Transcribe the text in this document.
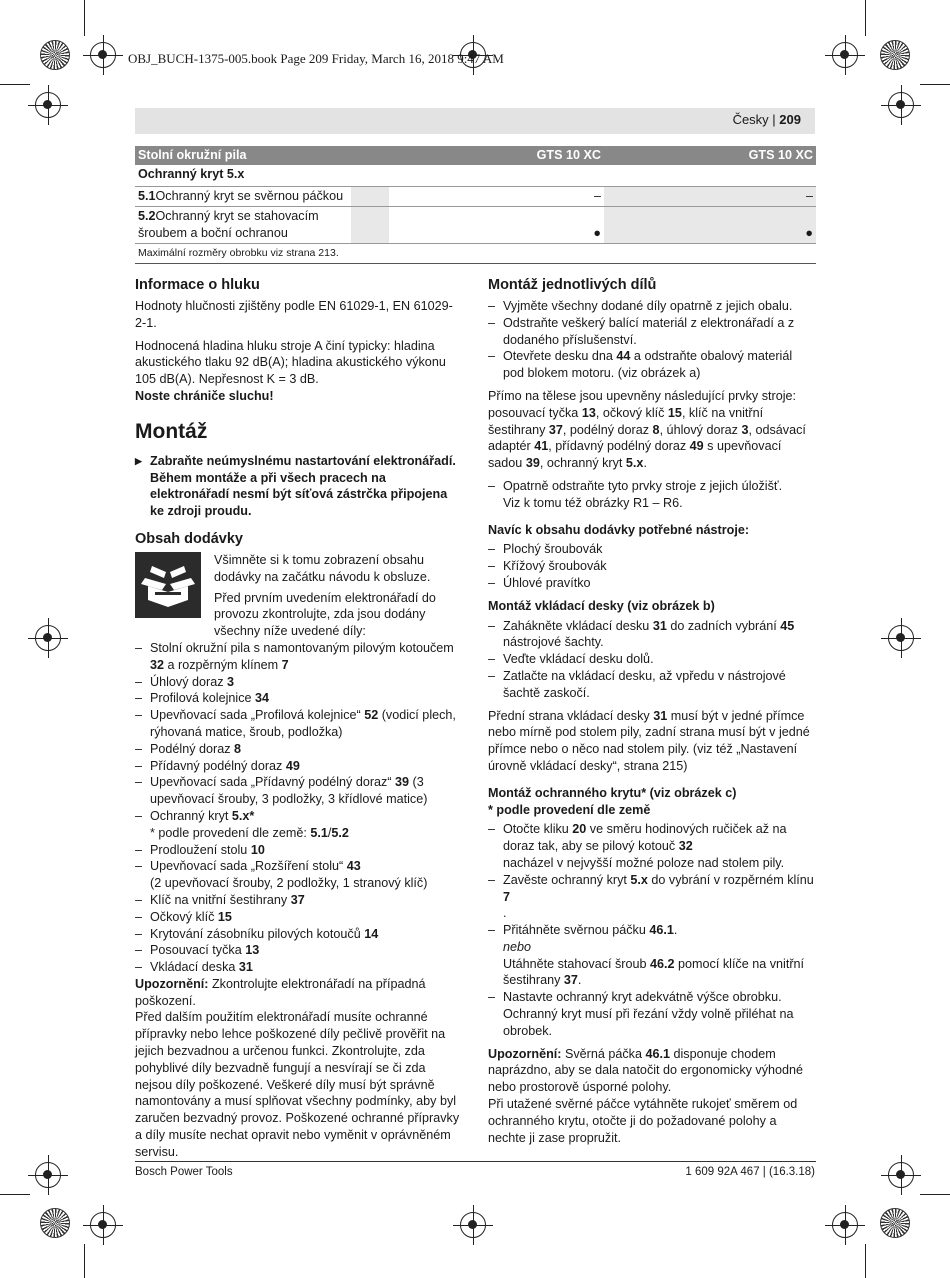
OBJ_BUCH-1375-005.book Page 209 Friday, March 16, 2018 9:47 AM
Česky | 209
Stolní okružní pila		GTS 10 XC	GTS 10 XC
Ochranný kryt 5.x			
5.1Ochranný kryt se svěrnou páčkou		–	–
5.2Ochranný kryt se stahovacím šroubem a boční ochranou		●	●
Maximální rozměry obrobku viz strana 213.			
Informace o hluku

Hodnoty hlučnosti zjištěny podle EN 61029-1, EN 61029-2-1.

Hodnocená hladina hluku stroje A činí typicky: hladina akustického tlaku 92 dB(A); hladina akustického výkonu 105 dB(A). Nepřesnost K = 3 dB.

Noste chrániče sluchu!

Montáž

▶ Zabraňte neúmyslnému nastartování elektronářadí. Během montáže a při všech pracech na elektronářadí nesmí být síťová zástrčka připojena ke zdroji proudu.

Obsah dodávky

Všimněte si k tomu zobrazení obsahu dodávky na začátku návodu k obsluze.

Před prvním uvedením elektronářadí do provozu zkontrolujte, zda jsou dodány všechny níže uvedené díly:

– Stolní okružní pila s namontovaným pilovým kotoučem 32 a rozpěrným klínem 7
– Úhlový doraz 3
– Profilová kolejnice 34
– Upevňovací sada „Profilová kolejnice“ 52 (vodicí plech, rýhovaná matice, šroub, podložka)
– Podélný doraz 8
– Přídavný podélný doraz 49
– Upevňovací sada „Přídavný podélný doraz“ 39 (3 upevňovací šrouby, 3 podložky, 3 křídlové matice)
– Ochranný kryt 5.x*
* podle provedení dle země: 5.1/5.2
– Prodloužení stolu 10
– Upevňovací sada „Rozšíření stolu“ 43
(2 upevňovací šrouby, 2 podložky, 1 stranový klíč)
– Klíč na vnitřní šestihrany 37
– Očkový klíč 15
– Krytování zásobníku pilových kotoučů 14
– Posouvací tyčka 13
– Vkládací deska 31

Upozornění: Zkontrolujte elektronářadí na případná poškození.

Před dalším použitím elektronářadí musíte ochranné přípravky nebo lehce poškozené díly pečlivě prověřit na jejich bezvadnou a určenou funkci. Zkontrolujte, zda pohyblivé díly bezvadně fungují a nesvírají se či zda nejsou díly poškozené. Veškeré díly musí být správně namontovány a musí splňovat všechny podmínky, aby byl zaručen bezvadný provoz. Poškozené ochranné přípravky a díly musíte nechat opravit nebo vyměnit v oprávněném servisu.

Montáž jednotlivých dílů
– Vyjměte všechny dodané díly opatrně z jejich obalu.
– Odstraňte veškerý balící materiál z elektronářadí a z dodaného příslušenství.
– Otevřete desku dna 44 a odstraňte obalový materiál pod blokem motoru. (viz obrázek a)

Přímo na tělese jsou upevněny následující prvky stroje: posouvací tyčka 13, očkový klíč 15, klíč na vnitřní šestihrany 37, podélný doraz 8, úhlový doraz 3, odsávací adaptér 41, přídavný podélný doraz 49 s upevňovací sadou 39, ochranný kryt 5.x.

– Opatrně odstraňte tyto prvky stroje z jejich úložišť.
Viz k tomu též obrázky R1 – R6.

Navíc k obsahu dodávky potřebné nástroje:

– Plochý šroubovák
– Křížový šroubovák
– Úhlové pravítko

Montáž vkládací desky (viz obrázek b)

– Zahákněte vkládací desku 31 do zadních vybrání 45
nástrojové šachty.
– Veďte vkládací desku dolů.
– Zatlačte na vkládací desku, až vpředu v nástrojové šachtě zaskočí.

Přední strana vkládací desky 31 musí být v jedné přímce nebo mírně pod stolem pily, zadní strana musí být v jedné přímce nebo o něco nad stolem pily. (viz též „Nastavení úrovně vkládací desky“, strana 215)

Montáž ochranného krytu* (viz obrázek c)

* podle provedení dle země

– Otočte kliku 20 ve směru hodinových ručiček až na doraz tak, aby se pilový kotouč 32
nacházel v nejvyšší možné poloze nad stolem pily.
– Zavěste ochranný kryt 5.x do vybrání v rozpěrném klínu 7
.
– Přitáhněte svěrnou páčku 46.1.
nebo
Utáhněte stahovací šroub 46.2 pomocí klíče na vnitřní šestihrany 37.
– Nastavte ochranný kryt adekvátně výšce obrobku. Ochranný kryt musí při řezání vždy volně přiléhat na obrobek.

Upozornění: Svěrná páčka 46.1 disponuje chodem naprázdno, aby se dala natočit do ergonomicky výhodné nebo prostorově úsporné polohy.

Při utažené svěrné páčce vytáhněte rukojeť směrem od ochranného krytu, otočte ji do požadované polohy a nechte ji zase propružit.

Bosch Power Tools	1 609 92A 467 | (16.3.18)
